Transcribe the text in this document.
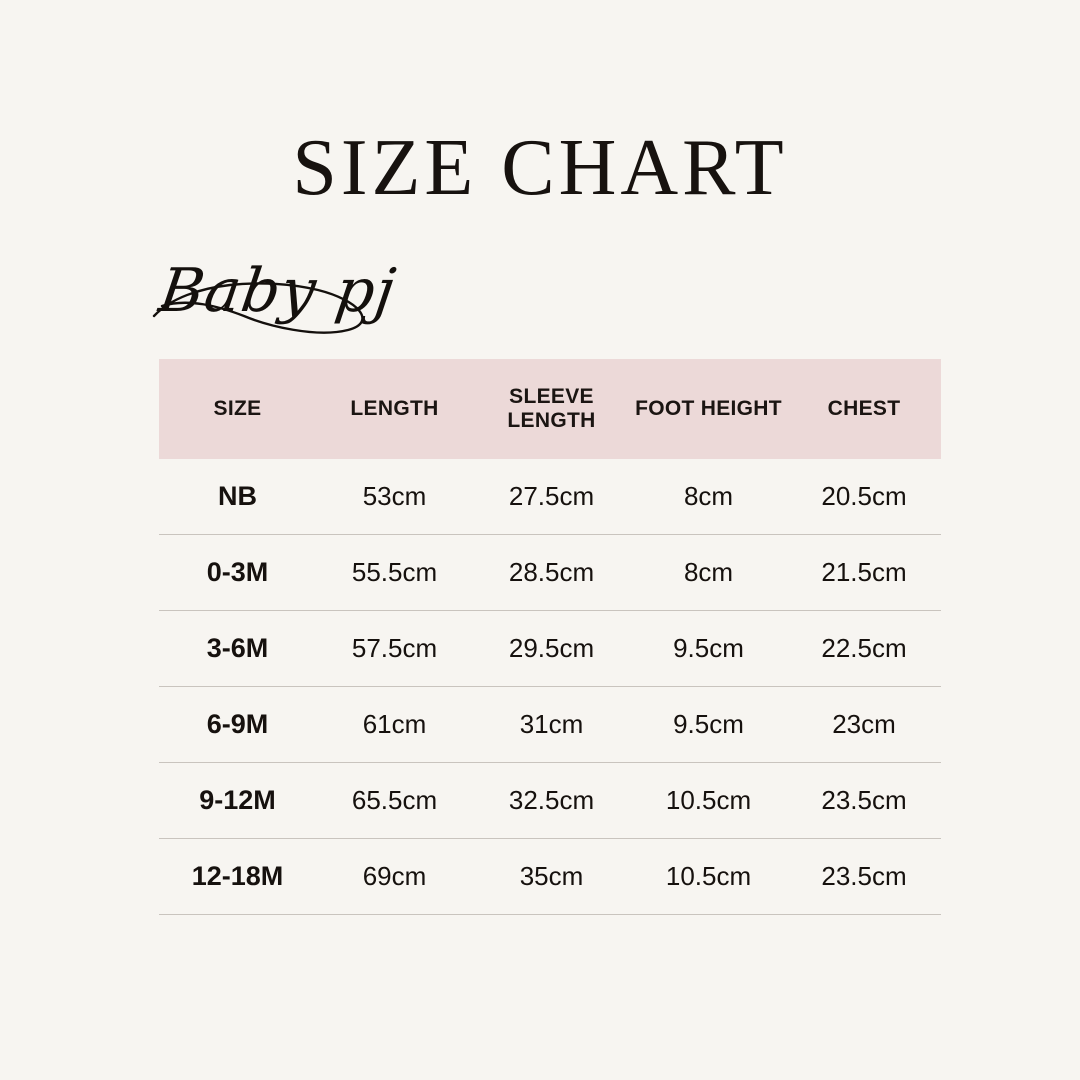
SIZE CHART
Baby pj
SIZE	LENGTH	SLEEVE LENGTH	FOOT HEIGHT	CHEST
NB	53cm	27.5cm	8cm	20.5cm
0-3M	55.5cm	28.5cm	8cm	21.5cm
3-6M	57.5cm	29.5cm	9.5cm	22.5cm
6-9M	61cm	31cm	9.5cm	23cm
9-12M	65.5cm	32.5cm	10.5cm	23.5cm
12-18M	69cm	35cm	10.5cm	23.5cm
